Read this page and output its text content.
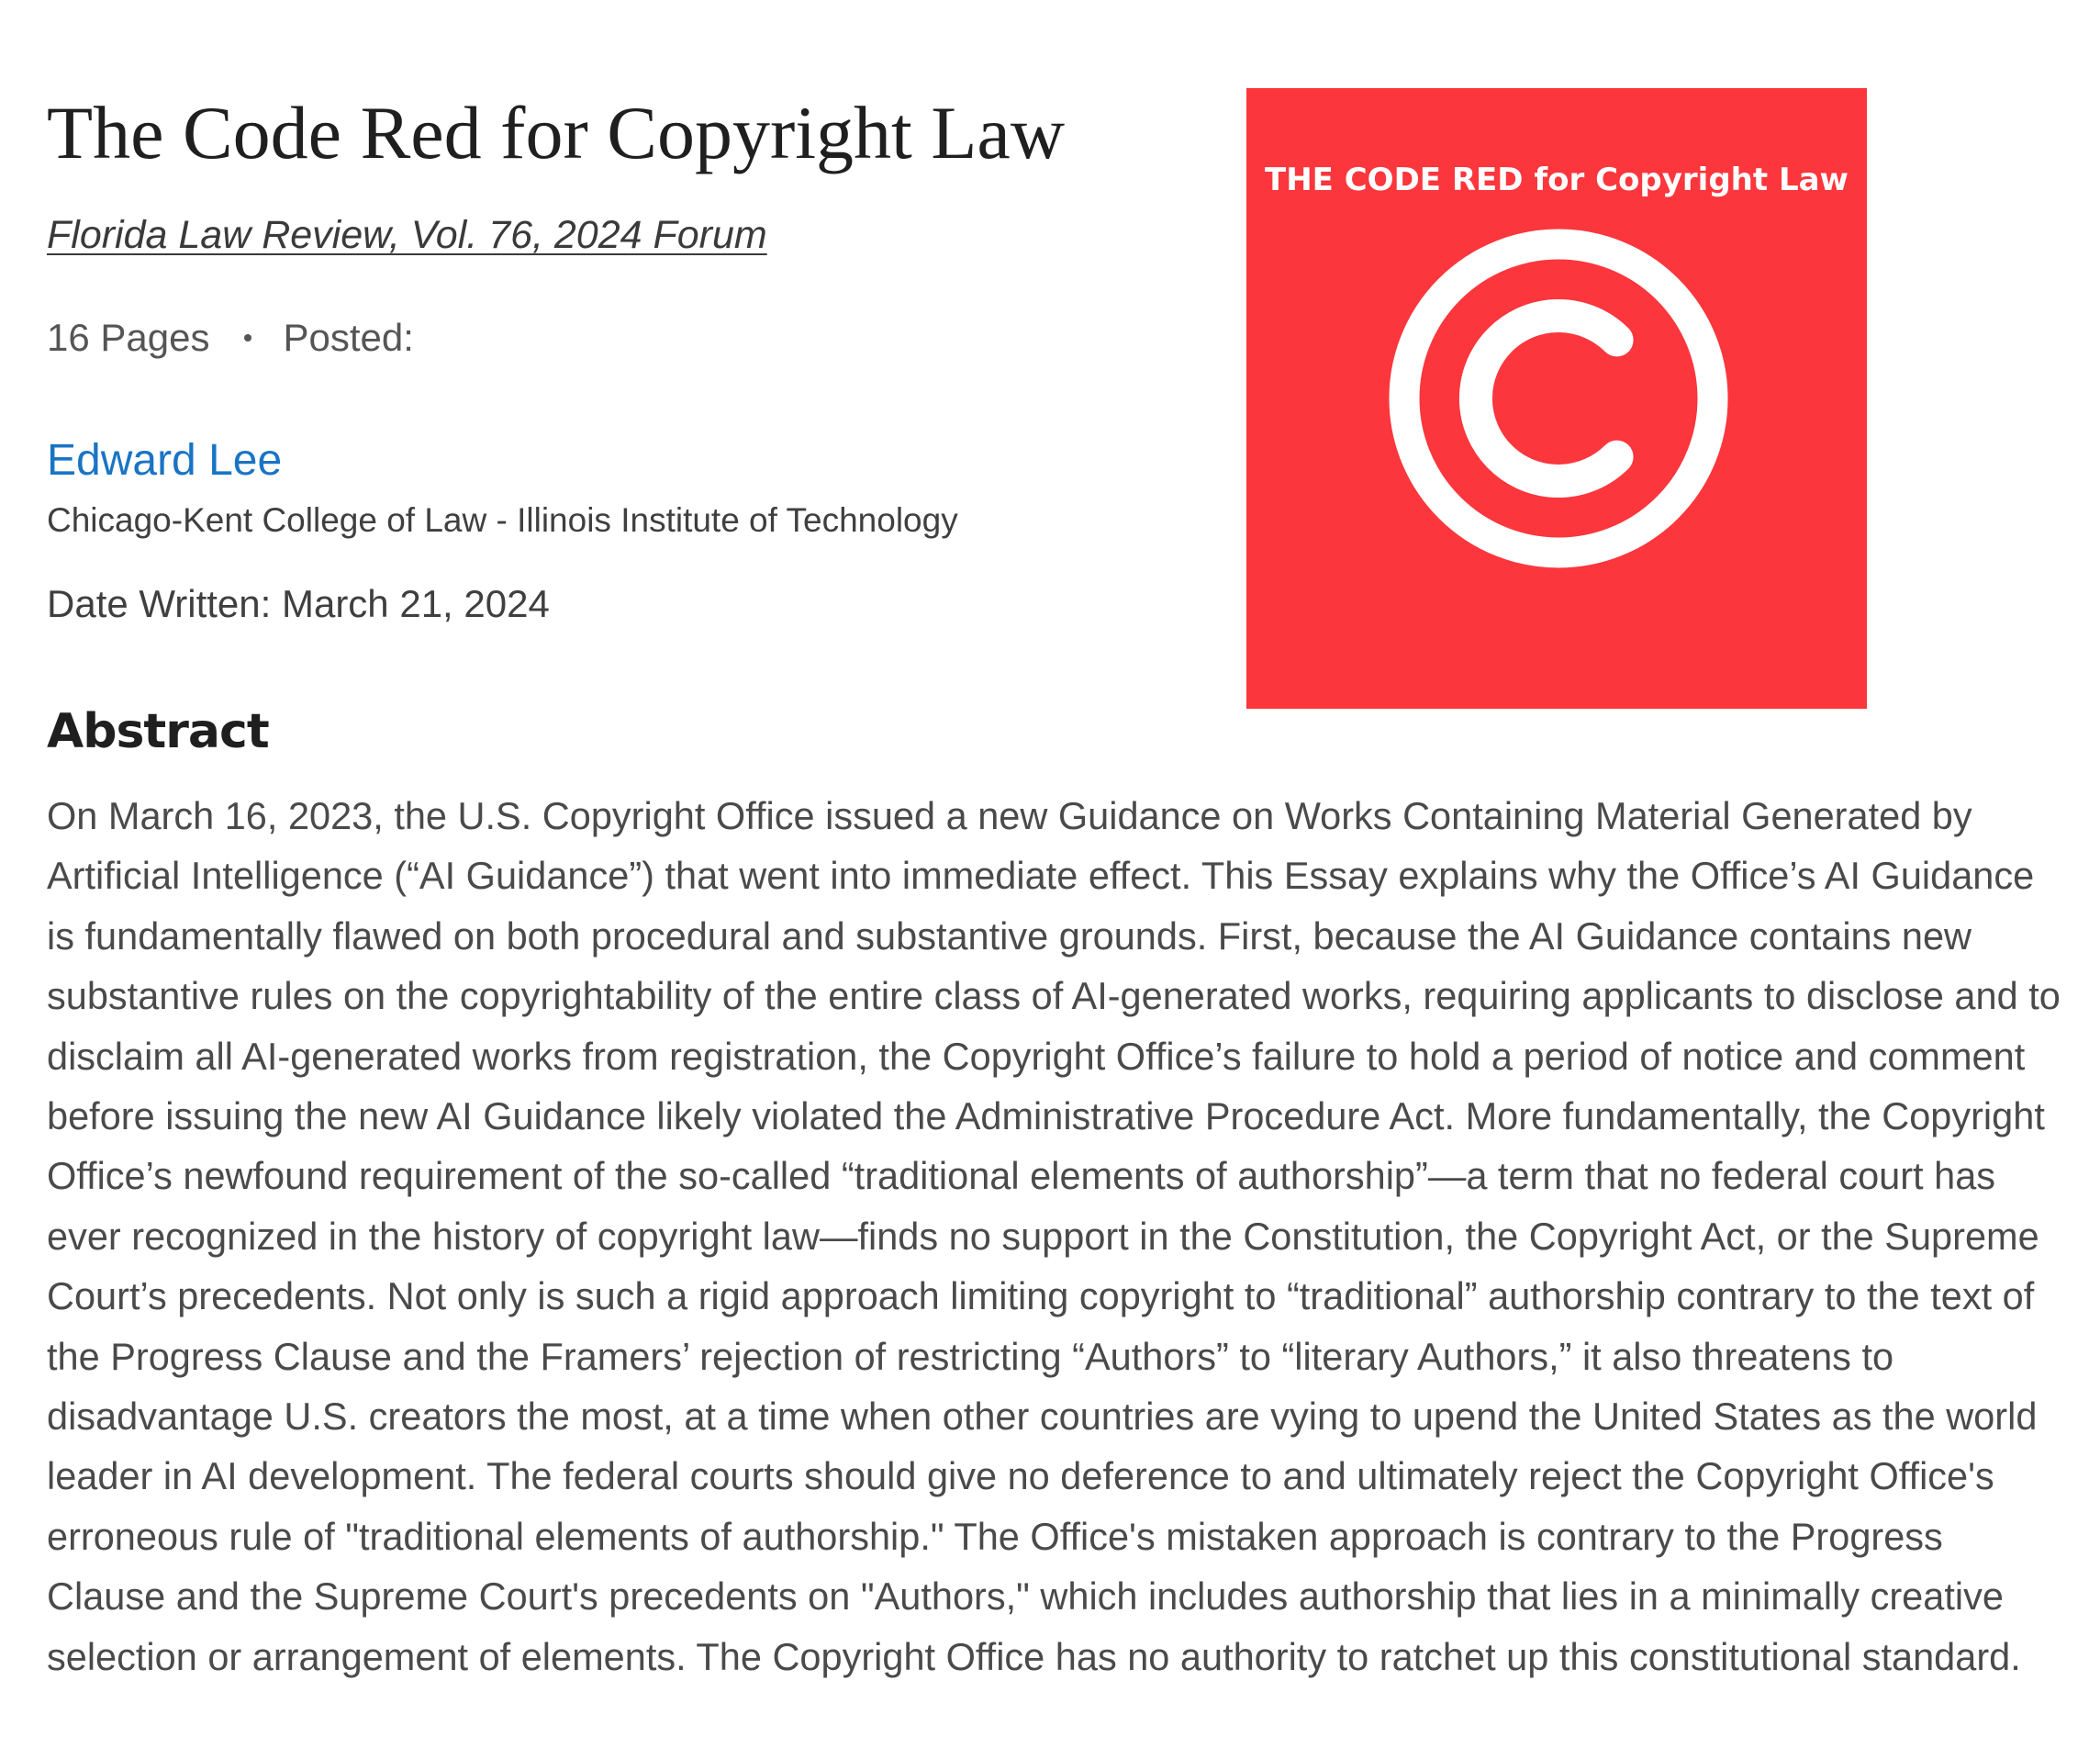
The Code Red for Copyright Law
Florida Law Review, Vol. 76, 2024 Forum
16 Pages Posted:
Edward Lee
Chicago-Kent College of Law - Illinois Institute of Technology
Date Written: March 21, 2024
THE CODE RED for Copyright Law
Abstract

On March 16, 2023, the U.S. Copyright Office issued a new Guidance on Works Containing Material Generated by Artificial Intelligence (“AI Guidance”) that went into immediate effect. This Essay explains why the Office’s AI Guidance is fundamentally flawed on both procedural and substantive grounds. First, because the AI Guidance contains new substantive rules on the copyrightability of the entire class of AI-generated works, requiring applicants to disclose and to disclaim all AI-generated works from registration, the Copyright Office’s failure to hold a period of notice and comment before issuing the new AI Guidance likely violated the Administrative Procedure Act. More fundamentally, the Copyright Office’s newfound requirement of the so-called “traditional elements of authorship”—a term that no federal court has ever recognized in the history of copyright law—finds no support in the Constitution, the Copyright Act, or the Supreme Court’s precedents. Not only is such a rigid approach limiting copyright to “traditional” authorship contrary to the text of the Progress Clause and the Framers’ rejection of restricting “Authors” to “literary Authors,” it also threatens to disadvantage U.S. creators the most, at a time when other countries are vying to upend the United States as the world leader in AI development. The federal courts should give no deference to and ultimately reject the Copyright Office's erroneous rule of "traditional elements of authorship." The Office's mistaken approach is contrary to the Progress Clause and the Supreme Court's precedents on "Authors," which includes authorship that lies in a minimally creative selection or arrangement of elements. The Copyright Office has no authority to ratchet up this constitutional standard.
